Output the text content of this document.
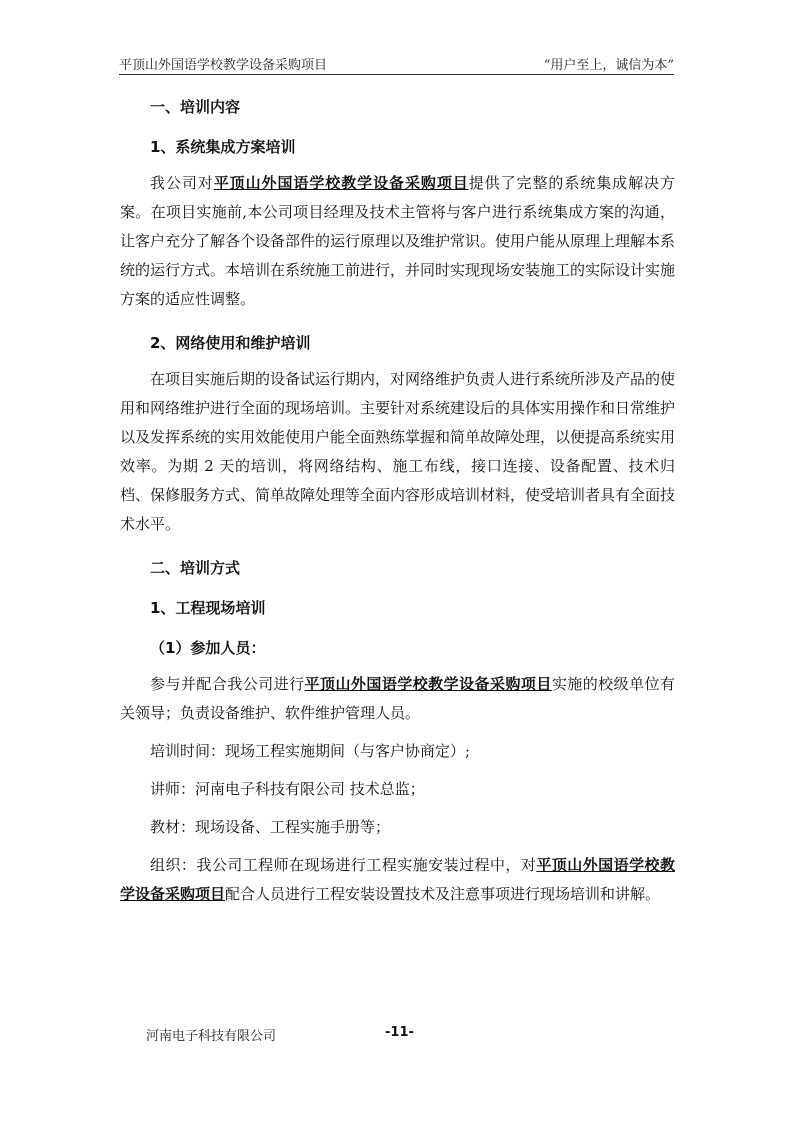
平顶山外国语学校教学设备采购项目	“用户至上，诚信为本”

一、培训内容

1、系统集成方案培训

我公司对平顶山外国语学校教学设备采购项目提供了完整的系统集成解决方案。在项目实施前,本公司项目经理及技术主管将与客户进行系统集成方案的沟通，让客户充分了解各个设备部件的运行原理以及维护常识。使用户能从原理上理解本系统的运行方式。本培训在系统施工前进行，并同时实现现场安装施工的实际设计实施方案的适应性调整。

2、网络使用和维护培训

在项目实施后期的设备试运行期内，对网络维护负责人进行系统所涉及产品的使用和网络维护进行全面的现场培训。主要针对系统建设后的具体实用操作和日常维护以及发挥系统的实用效能使用户能全面熟练掌握和简单故障处理，以便提高系统实用效率。为期 2 天的培训，将网络结构、施工布线，接口连接、设备配置、技术归档、保修服务方式、简单故障处理等全面内容形成培训材料，使受培训者具有全面技术水平。

二、培训方式

1、工程现场培训

（1）参加人员：

参与并配合我公司进行平顶山外国语学校教学设备采购项目实施的校级单位有关领导；负责设备维护、软件维护管理人员。

培训时间：现场工程实施期间（与客户协商定）;

讲师：河南电子科技有限公司 技术总监；

教材：现场设备、工程实施手册等；

组织：我公司工程师在现场进行工程实施安装过程中，对平顶山外国语学校教学设备采购项目配合人员进行工程安装设置技术及注意事项进行现场培训和讲解。

河南电子科技有限公司	-11-
